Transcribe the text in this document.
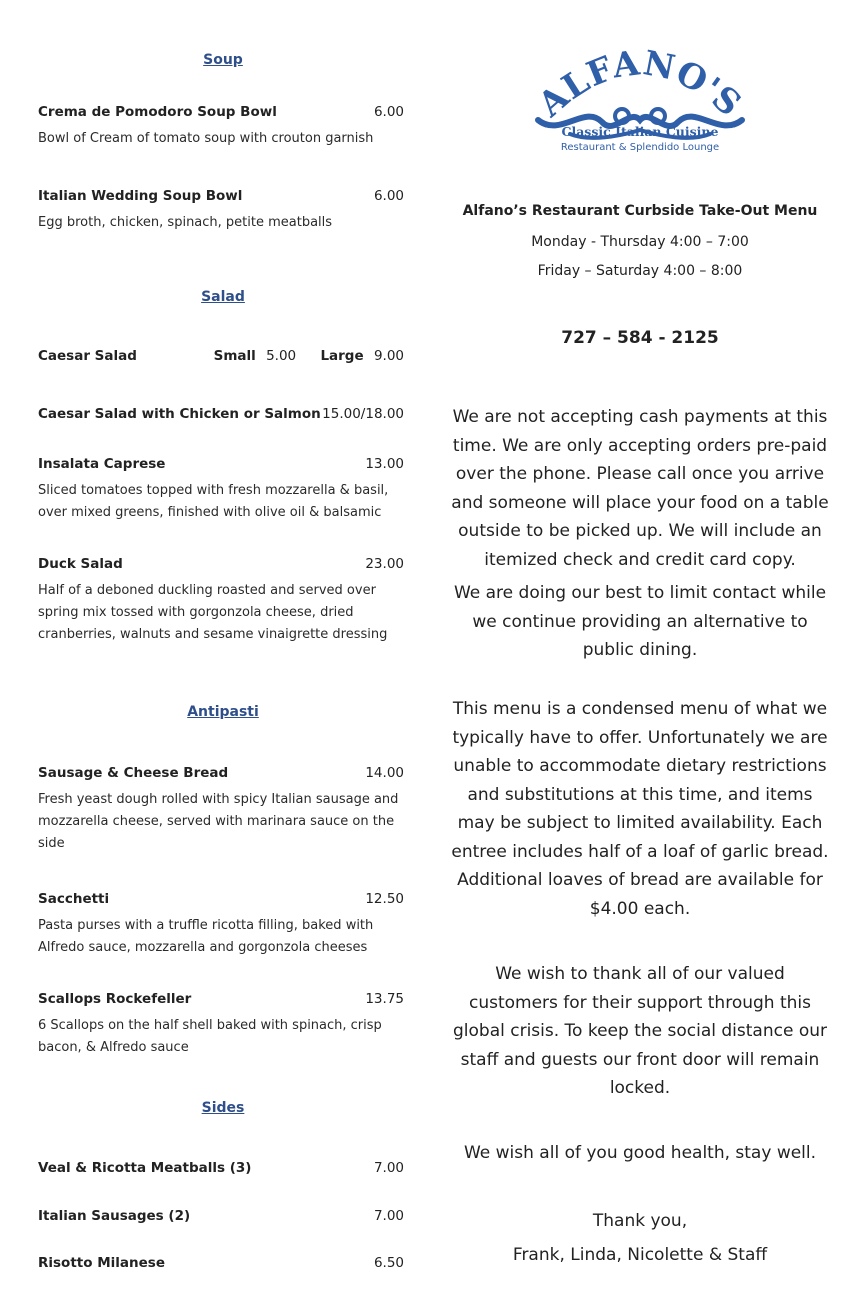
Soup
Crema de Pomodoro Soup Bowl	6.00
Bowl of Cream of tomato soup with crouton garnish
Italian Wedding Soup Bowl	6.00
Egg broth, chicken, spinach, petite meatballs
Salad
Caesar Salad	Small 5.00 Large 9.00
Caesar Salad with Chicken or Salmon 15.00/18.00
Insalata Caprese	13.00
Sliced tomatoes topped with fresh mozzarella & basil, over mixed greens, finished with olive oil & balsamic
Duck Salad	23.00
Half of a deboned duckling roasted and served over spring mix tossed with gorgonzola cheese, dried cranberries, walnuts and sesame vinaigrette dressing
Antipasti
Sausage & Cheese Bread	14.00
Fresh yeast dough rolled with spicy Italian sausage and mozzarella cheese, served with marinara sauce on the side
Sacchetti	12.50
Pasta purses with a truffle ricotta filling, baked with Alfredo sauce, mozzarella and gorgonzola cheeses
Scallops Rockefeller	13.75
6 Scallops on the half shell baked with spinach, crisp bacon, & Alfredo sauce
Sides
Veal & Ricotta Meatballs (3)	7.00
Italian Sausages (2)	7.00
Risotto Milanese	6.50
ALFANO'S
Classic Italian Cuisine
Restaurant & Splendido Lounge
Alfano’s Restaurant Curbside Take-Out Menu
Monday - Thursday 4:00 – 7:00
Friday – Saturday 4:00 – 8:00
727 – 584 - 2125
We are not accepting cash payments at this time. We are only accepting orders pre-paid over the phone. Please call once you arrive and someone will place your food on a table outside to be picked up. We will include an itemized check and credit card copy.
We are doing our best to limit contact while we continue providing an alternative to public dining.
This menu is a condensed menu of what we typically have to offer. Unfortunately we are unable to accommodate dietary restrictions and substitutions at this time, and items may be subject to limited availability. Each entree includes half of a loaf of garlic bread. Additional loaves of bread are available for $4.00 each.
We wish to thank all of our valued customers for their support through this global crisis. To keep the social distance our staff and guests our front door will remain locked.
We wish all of you good health, stay well.
Thank you,
Frank, Linda, Nicolette & Staff
